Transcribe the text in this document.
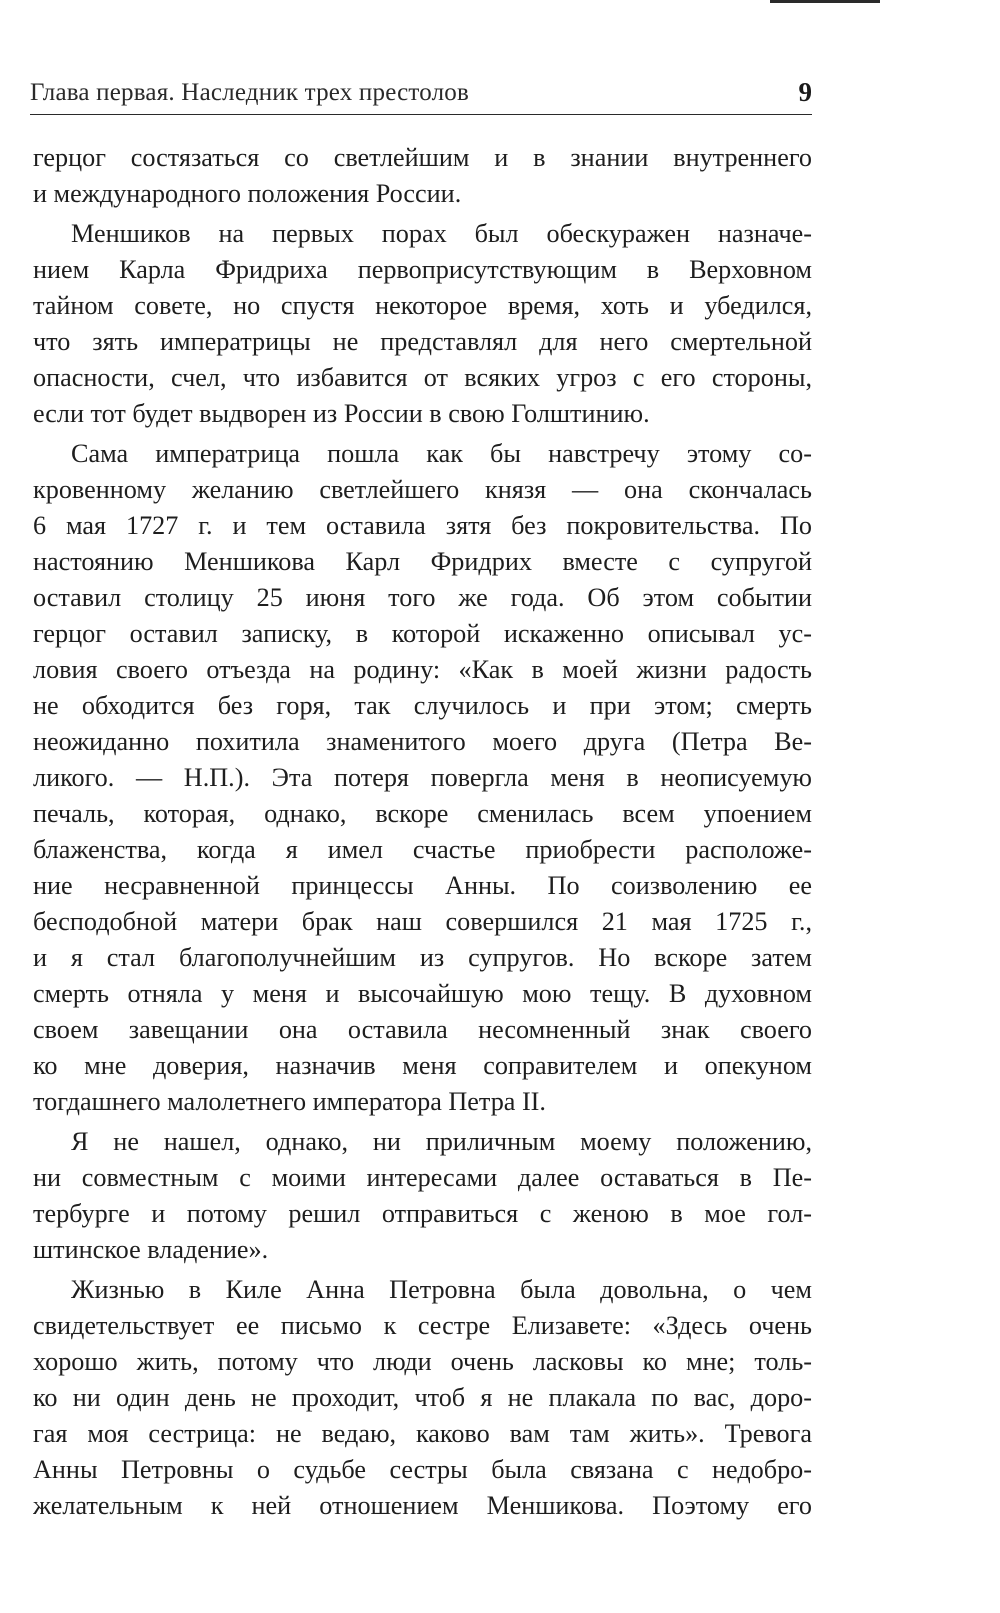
Глава первая. Наследник трех престолов	9
герцог состязаться со светлейшим и в знании внутреннего
и международного положения России.
Меншиков на первых порах был обескуражен назначе-
нием Карла Фридриха первоприсутствующим в Верховном
тайном совете, но спустя некоторое время, хоть и убедился,
что зять императрицы не представлял для него смертельной
опасности, счел, что избавится от всяких угроз с его стороны,
если тот будет выдворен из России в свою Голштинию.
Сама императрица пошла как бы навстречу этому со-
кровенному желанию светлейшего князя — она скончалась
6 мая 1727 г. и тем оставила зятя без покровительства. По
настоянию Меншикова Карл Фридрих вместе с супругой
оставил столицу 25 июня того же года. Об этом событии
герцог оставил записку, в которой искаженно описывал ус-
ловия своего отъезда на родину: «Как в моей жизни радость
не обходится без горя, так случилось и при этом; смерть
неожиданно похитила знаменитого моего друга (Петра Ве-
ликого. — Н.П.). Эта потеря повергла меня в неописуемую
печаль, которая, однако, вскоре сменилась всем упоением
блаженства, когда я имел счастье приобрести расположе-
ние несравненной принцессы Анны. По соизволению ее
бесподобной матери брак наш совершился 21 мая 1725 г.,
и я стал благополучнейшим из супругов. Но вскоре затем
смерть отняла у меня и высочайшую мою тещу. В духовном
своем завещании она оставила несомненный знак своего
ко мне доверия, назначив меня соправителем и опекуном
тогдашнего малолетнего императора Петра II.
Я не нашел, однако, ни приличным моему положению,
ни совместным с моими интересами далее оставаться в Пе-
тербурге и потому решил отправиться с женою в мое гол-
штинское владение».
Жизнью в Киле Анна Петровна была довольна, о чем
свидетельствует ее письмо к сестре Елизавете: «Здесь очень
хорошо жить, потому что люди очень ласковы ко мне; толь-
ко ни один день не проходит, чтоб я не плакала по вас, доро-
гая моя сестрица: не ведаю, каково вам там жить». Тревога
Анны Петровны о судьбе сестры была связана с недобро-
желательным к ней отношением Меншикова. Поэтому его
